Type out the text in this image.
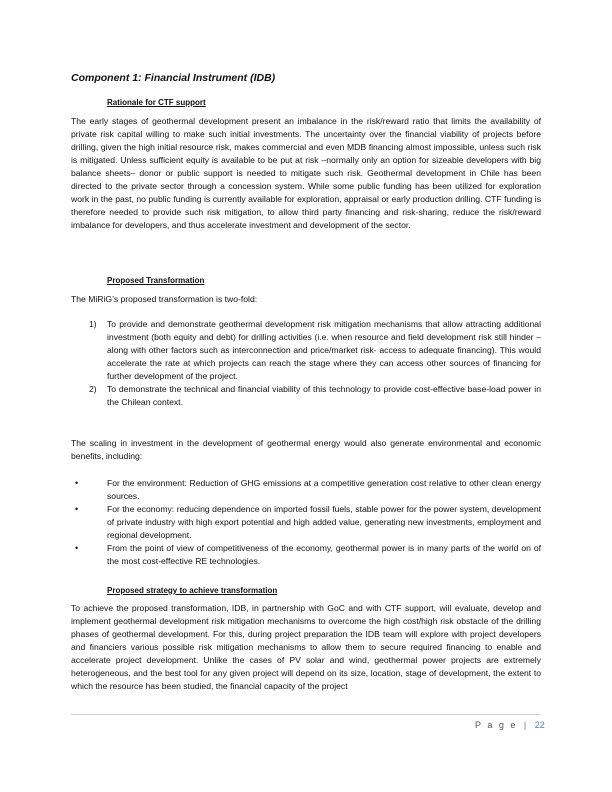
Component 1: Financial Instrument (IDB)
Rationale for CTF support

The early stages of geothermal development present an imbalance in the risk/reward ratio that limits the availability of private risk capital willing to make such initial investments. The uncertainty over the financial viability of projects before drilling, given the high initial resource risk, makes commercial and even MDB financing almost impossible, unless such risk is mitigated. Unless sufficient equity is available to be put at risk –normally only an option for sizeable developers with big balance sheets– donor or public support is needed to mitigate such risk. Geothermal development in Chile has been directed to the private sector through a concession system. While some public funding has been utilized for exploration work in the past, no public funding is currently available for exploration, appraisal or early production drilling. CTF funding is therefore needed to provide such risk mitigation, to allow third party financing and risk-sharing, reduce the risk/reward imbalance for developers, and thus accelerate investment and development of the sector.

Proposed Transformation

The MiRiG’s proposed transformation is two-fold:

1) To provide and demonstrate geothermal development risk mitigation mechanisms that allow attracting additional investment (both equity and debt) for drilling activities (i.e. when resource and field development risk still hinder –along with other factors such as interconnection and price/market risk- access to adequate financing). This would accelerate the rate at which projects can reach the stage where they can access other sources of financing for further development of the project.
2) To demonstrate the technical and financial viability of this technology to provide cost-effective base-load power in the Chilean context.

The scaling in investment in the development of geothermal energy would also generate environmental and economic benefits, including:

•	For the environment: Reduction of GHG emissions at a competitive generation cost relative to other clean energy sources.
•	For the economy: reducing dependence on imported fossil fuels, stable power for the power system, development of private industry with high export potential and high added value, generating new investments, employment and regional development.
•	From the point of view of competitiveness of the economy, geothermal power is in many parts of the world on of the most cost-effective RE technologies.
Proposed strategy to achieve transformation

To achieve the proposed transformation, IDB, in partnership with GoC and with CTF support, will evaluate, develop and implement geothermal development risk mitigation mechanisms to overcome the high cost/high risk obstacle of the drilling phases of geothermal development. For this, during project preparation the IDB team will explore with project developers and financiers various possible risk mitigation mechanisms to allow them to secure required financing to enable and accelerate project development. Unlike the cases of PV solar and wind, geothermal power projects are extremely heterogeneous, and the best tool for any given project will depend on its size, location, stage of development, the extent to which the resource has been studied, the financial capacity of the project

P a g e | 22
